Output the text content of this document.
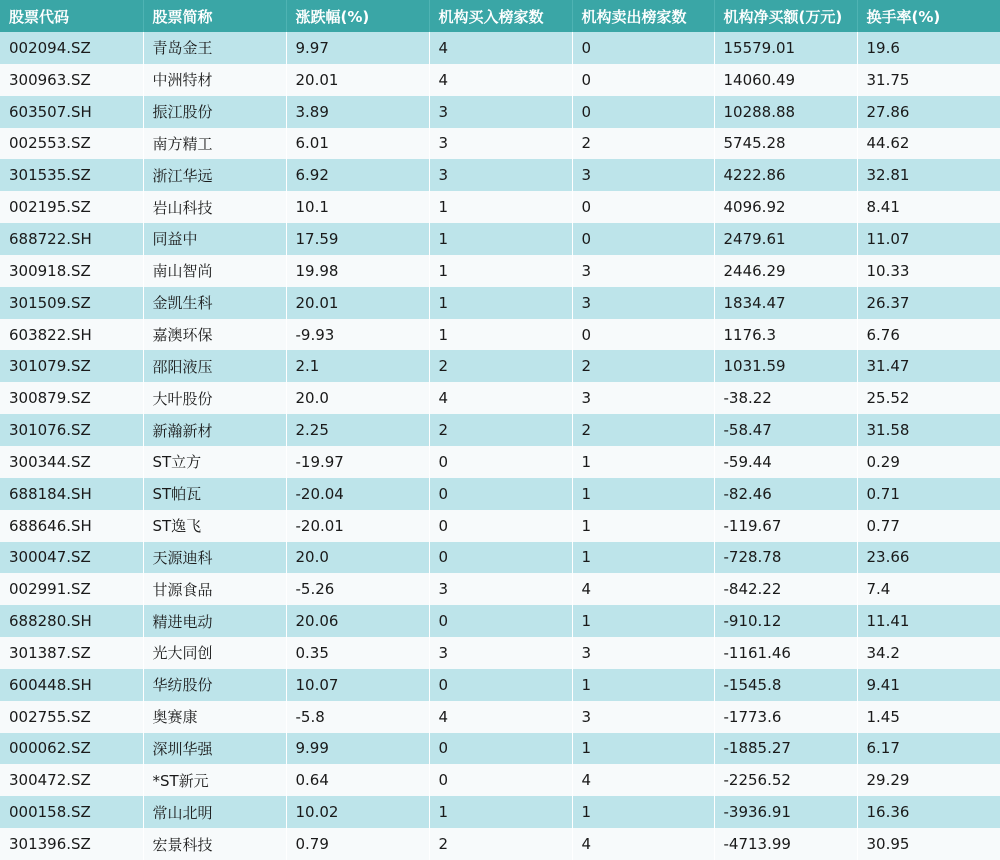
股票代码	股票简称	涨跌幅(%)	机构买入榜家数	机构卖出榜家数	机构净买额(万元)	换手率(%)
002094.SZ	青岛金王	9.97	4	0	15579.01	19.6
300963.SZ	中洲特材	20.01	4	0	14060.49	31.75
603507.SH	振江股份	3.89	3	0	10288.88	27.86
002553.SZ	南方精工	6.01	3	2	5745.28	44.62
301535.SZ	浙江华远	6.92	3	3	4222.86	32.81
002195.SZ	岩山科技	10.1	1	0	4096.92	8.41
688722.SH	同益中	17.59	1	0	2479.61	11.07
300918.SZ	南山智尚	19.98	1	3	2446.29	10.33
301509.SZ	金凯生科	20.01	1	3	1834.47	26.37
603822.SH	嘉澳环保	-9.93	1	0	1176.3	6.76
301079.SZ	邵阳液压	2.1	2	2	1031.59	31.47
300879.SZ	大叶股份	20.0	4	3	-38.22	25.52
301076.SZ	新瀚新材	2.25	2	2	-58.47	31.58
300344.SZ	ST立方	-19.97	0	1	-59.44	0.29
688184.SH	ST帕瓦	-20.04	0	1	-82.46	0.71
688646.SH	ST逸飞	-20.01	0	1	-119.67	0.77
300047.SZ	天源迪科	20.0	0	1	-728.78	23.66
002991.SZ	甘源食品	-5.26	3	4	-842.22	7.4
688280.SH	精进电动	20.06	0	1	-910.12	11.41
301387.SZ	光大同创	0.35	3	3	-1161.46	34.2
600448.SH	华纺股份	10.07	0	1	-1545.8	9.41
002755.SZ	奥赛康	-5.8	4	3	-1773.6	1.45
000062.SZ	深圳华强	9.99	0	1	-1885.27	6.17
300472.SZ	*ST新元	0.64	0	4	-2256.52	29.29
000158.SZ	常山北明	10.02	1	1	-3936.91	16.36
301396.SZ	宏景科技	0.79	2	4	-4713.99	30.95
